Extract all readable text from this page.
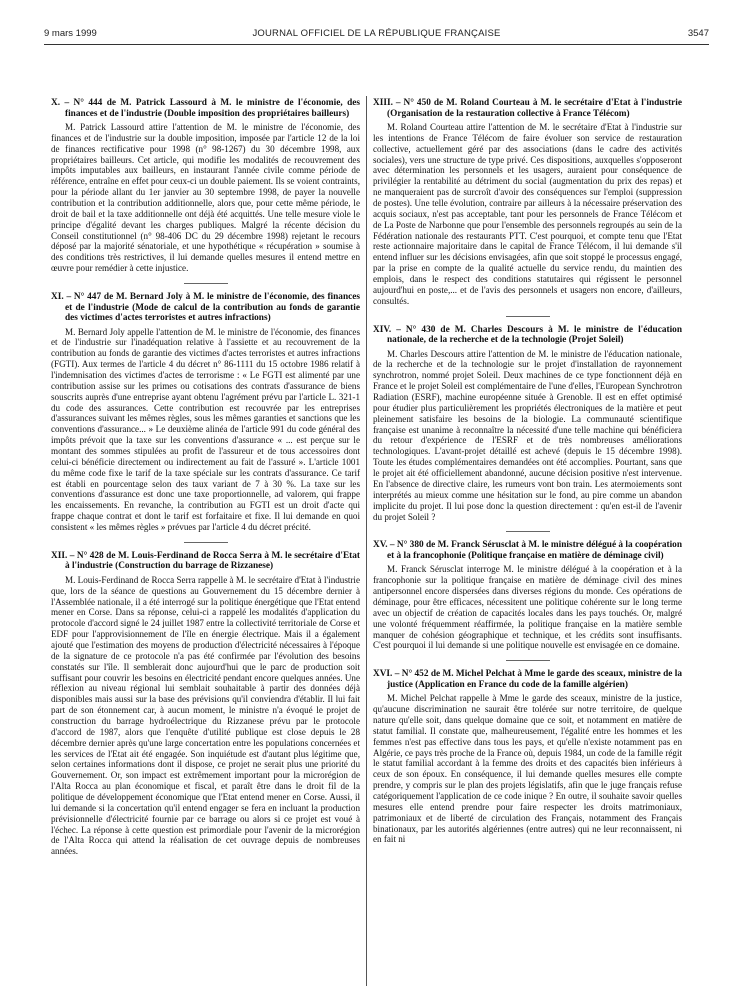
9 mars 1999	JOURNAL OFFICIEL DE LA RÉPUBLIQUE FRANÇAISE	3547

X. – N° 444 de M. Patrick Lassourd à M. le ministre de l'économie, des finances et de l'industrie (Double imposition des propriétaires bailleurs)

M. Patrick Lassourd attire l'attention de M. le ministre de l'économie, des finances et de l'industrie sur la double imposition, imposée par l'article 12 de la loi de finances rectificative pour 1998 (n° 98-1267) du 30 décembre 1998, aux propriétaires bailleurs. Cet article, qui modifie les modalités de recouvrement des impôts imputables aux bailleurs, en instaurant l'année civile comme période de référence, entraîne en effet pour ceux-ci un double paiement. Ils se voient contraints, pour la période allant du 1er janvier au 30 septembre 1998, de payer la nouvelle contribution et la contribution additionnelle, alors que, pour cette même période, le droit de bail et la taxe additionnelle ont déjà été acquittés. Une telle mesure viole le principe d'égalité devant les charges publiques. Malgré la récente décision du Conseil constitutionnel (n° 98-406 DC du 29 décembre 1998) rejetant le recours déposé par la majorité sénatoriale, et une hypothétique « récupération » soumise à des conditions très restrictives, il lui demande quelles mesures il entend mettre en œuvre pour remédier à cette injustice.

XI. – N° 447 de M. Bernard Joly à M. le ministre de l'économie, des finances et de l'industrie (Mode de calcul de la contribution au fonds de garantie des victimes d'actes terroristes et autres infractions)

M. Bernard Joly appelle l'attention de M. le ministre de l'économie, des finances et de l'industrie sur l'inadéquation relative à l'assiette et au recouvrement de la contribution au fonds de garantie des victimes d'actes terroristes et autres infractions (FGTI). Aux termes de l'article 4 du décret n° 86-1111 du 15 octobre 1986 relatif à l'indemnisation des victimes d'actes de terrorisme : « Le FGTI est alimenté par une contribution assise sur les primes ou cotisations des contrats d'assurance de biens souscrits auprès d'une entreprise ayant obtenu l'agrément prévu par l'article L. 321-1 du code des assurances. Cette contribution est recouvrée par les entreprises d'assurances suivant les mêmes règles, sous les mêmes garanties et sanctions que les conventions d'assurance... » Le deuxième alinéa de l'article 991 du code général des impôts prévoit que la taxe sur les conventions d'assurance « ... est perçue sur le montant des sommes stipulées au profit de l'assureur et de tous accessoires dont celui-ci bénéficie directement ou indirectement au fait de l'assuré ». L'article 1001 du même code fixe le tarif de la taxe spéciale sur les contrats d'assurance. Ce tarif est établi en pourcentage selon des taux variant de 7 à 30 %. La taxe sur les conventions d'assurance est donc une taxe proportionnelle, ad valorem, qui frappe les encaissements. En revanche, la contribution au FGTI est un droit d'acte qui frappe chaque contrat et dont le tarif est forfaitaire et fixe. Il lui demande en quoi consistent « les mêmes règles » prévues par l'article 4 du décret précité.

XII. – N° 428 de M. Louis-Ferdinand de Rocca Serra à M. le secrétaire d'Etat à l'industrie (Construction du barrage de Rizzanese)

M. Louis-Ferdinand de Rocca Serra rappelle à M. le secrétaire d'Etat à l'industrie que, lors de la séance de questions au Gouvernement du 15 décembre dernier à l'Assemblée nationale, il a été interrogé sur la politique énergétique que l'Etat entend mener en Corse. Dans sa réponse, celui-ci a rappelé les modalités d'application du protocole d'accord signé le 24 juillet 1987 entre la collectivité territoriale de Corse et EDF pour l'approvisionnement de l'île en énergie électrique. Mais il a également ajouté que l'estimation des moyens de production d'électricité nécessaires à l'époque de la signature de ce protocole n'a pas été confirmée par l'évolution des besoins constatés sur l'île. Il semblerait donc aujourd'hui que le parc de production soit suffisant pour couvrir les besoins en électricité pendant encore quelques années. Une réflexion au niveau régional lui semblait souhaitable à partir des données déjà disponibles mais aussi sur la base des prévisions qu'il conviendra d'établir. Il lui fait part de son étonnement car, à aucun moment, le ministre n'a évoqué le projet de construction du barrage hydroélectrique du Rizzanese prévu par le protocole d'accord de 1987, alors que l'enquête d'utilité publique est close depuis le 28 décembre dernier après qu'une large concertation entre les populations concernées et les services de l'Etat ait été engagée. Son inquiétude est d'autant plus légitime que, selon certaines informations dont il dispose, ce projet ne serait plus une priorité du Gouvernement. Or, son impact est extrêmement important pour la microrégion de l'Alta Rocca au plan économique et fiscal, et paraît être dans le droit fil de la politique de développement économique que l'Etat entend mener en Corse. Aussi, il lui demande si la concertation qu'il entend engager se fera en incluant la production prévisionnelle d'électricité fournie par ce barrage ou alors si ce projet est voué à l'échec. La réponse à cette question est primordiale pour l'avenir de la microrégion de l'Alta Rocca qui attend la réalisation de cet ouvrage depuis de nombreuses années.

XIII. – N° 450 de M. Roland Courteau à M. le secrétaire d'Etat à l'industrie (Organisation de la restauration collective à France Télécom)

M. Roland Courteau attire l'attention de M. le secrétaire d'Etat à l'industrie sur les intentions de France Télécom de faire évoluer son service de restauration collective, actuellement géré par des associations (dans le cadre des activités sociales), vers une structure de type privé. Ces dispositions, auxquelles s'opposeront avec détermination les personnels et les usagers, auraient pour conséquence de privilégier la rentabilité au détriment du social (augmentation du prix des repas) et ne manqueraient pas de surcroît d'avoir des conséquences sur l'emploi (suppression de postes). Une telle évolution, contraire par ailleurs à la nécessaire préservation des acquis sociaux, n'est pas acceptable, tant pour les personnels de France Télécom et de La Poste de Narbonne que pour l'ensemble des personnels regroupés au sein de la Fédération nationale des restaurants PTT. C'est pourquoi, et compte tenu que l'Etat reste actionnaire majoritaire dans le capital de France Télécom, il lui demande s'il entend influer sur les décisions envisagées, afin que soit stoppé le processus engagé, par la prise en compte de la qualité actuelle du service rendu, du maintien des emplois, dans le respect des conditions statutaires qui régissent le personnel aujourd'hui en poste,... et de l'avis des personnels et usagers non encore, d'ailleurs, consultés.

XIV. – N° 430 de M. Charles Descours à M. le ministre de l'éducation nationale, de la recherche et de la technologie (Projet Soleil)

M. Charles Descours attire l'attention de M. le ministre de l'éducation nationale, de la recherche et de la technologie sur le projet d'installation de rayonnement synchrotron, nommé projet Soleil. Deux machines de ce type fonctionnent déjà en France et le projet Soleil est complémentaire de l'une d'elles, l'European Synchrotron Radiation (ESRF), machine européenne située à Grenoble. Il est en effet optimisé pour étudier plus particulièrement les propriétés électroniques de la matière et peut pleinement satisfaire les besoins de la biologie. La communauté scientifique française est unanime à reconnaître la nécessité d'une telle machine qui bénéficiera du retour d'expérience de l'ESRF et de très nombreuses améliorations technologiques. L'avant-projet détaillé est achevé (depuis le 15 décembre 1998). Toute les études complémentaires demandées ont été accomplies. Pourtant, sans que le projet ait été officiellement abandonné, aucune décision positive n'est intervenue. En l'absence de directive claire, les rumeurs vont bon train. Les atermoiements sont interprétés au mieux comme une hésitation sur le fond, au pire comme un abandon implicite du projet. Il lui pose donc la question directement : qu'en est-il de l'avenir du projet Soleil ?

XV. – N° 380 de M. Franck Sérusclat à M. le ministre délégué à la coopération et à la francophonie (Politique française en matière de déminage civil)

M. Franck Sérusclat interroge M. le ministre délégué à la coopération et à la francophonie sur la politique française en matière de déminage civil des mines antipersonnel encore dispersées dans diverses régions du monde. Ces opérations de déminage, pour être efficaces, nécessitent une politique cohérente sur le long terme avec un objectif de création de capacités locales dans les pays touchés. Or, malgré une volonté fréquemment réaffirmée, la politique française en la matière semble manquer de cohésion géographique et technique, et les crédits sont insuffisants. C'est pourquoi il lui demande si une politique nouvelle est envisagée en ce domaine.

XVI. – N° 452 de M. Michel Pelchat à Mme le garde des sceaux, ministre de la justice (Application en France du code de la famille algérien)

M. Michel Pelchat rappelle à Mme le garde des sceaux, ministre de la justice, qu'aucune discrimination ne saurait être tolérée sur notre territoire, de quelque nature qu'elle soit, dans quelque domaine que ce soit, et notamment en matière de statut familial. Il constate que, malheureusement, l'égalité entre les hommes et les femmes n'est pas effective dans tous les pays, et qu'elle n'existe notamment pas en Algérie, ce pays très proche de la France où, depuis 1984, un code de la famille régit le statut familial accordant à la femme des droits et des capacités bien inférieurs à ceux de son époux. En conséquence, il lui demande quelles mesures elle compte prendre, y compris sur le plan des projets législatifs, afin que le juge français refuse catégoriquement l'application de ce code inique ? En outre, il souhaite savoir quelles mesures elle entend prendre pour faire respecter les droits matrimoniaux, patrimoniaux et de liberté de circulation des Français, notamment des Français binationaux, par les autorités algériennes (entre autres) qui ne leur reconnaissent, ni en fait ni
